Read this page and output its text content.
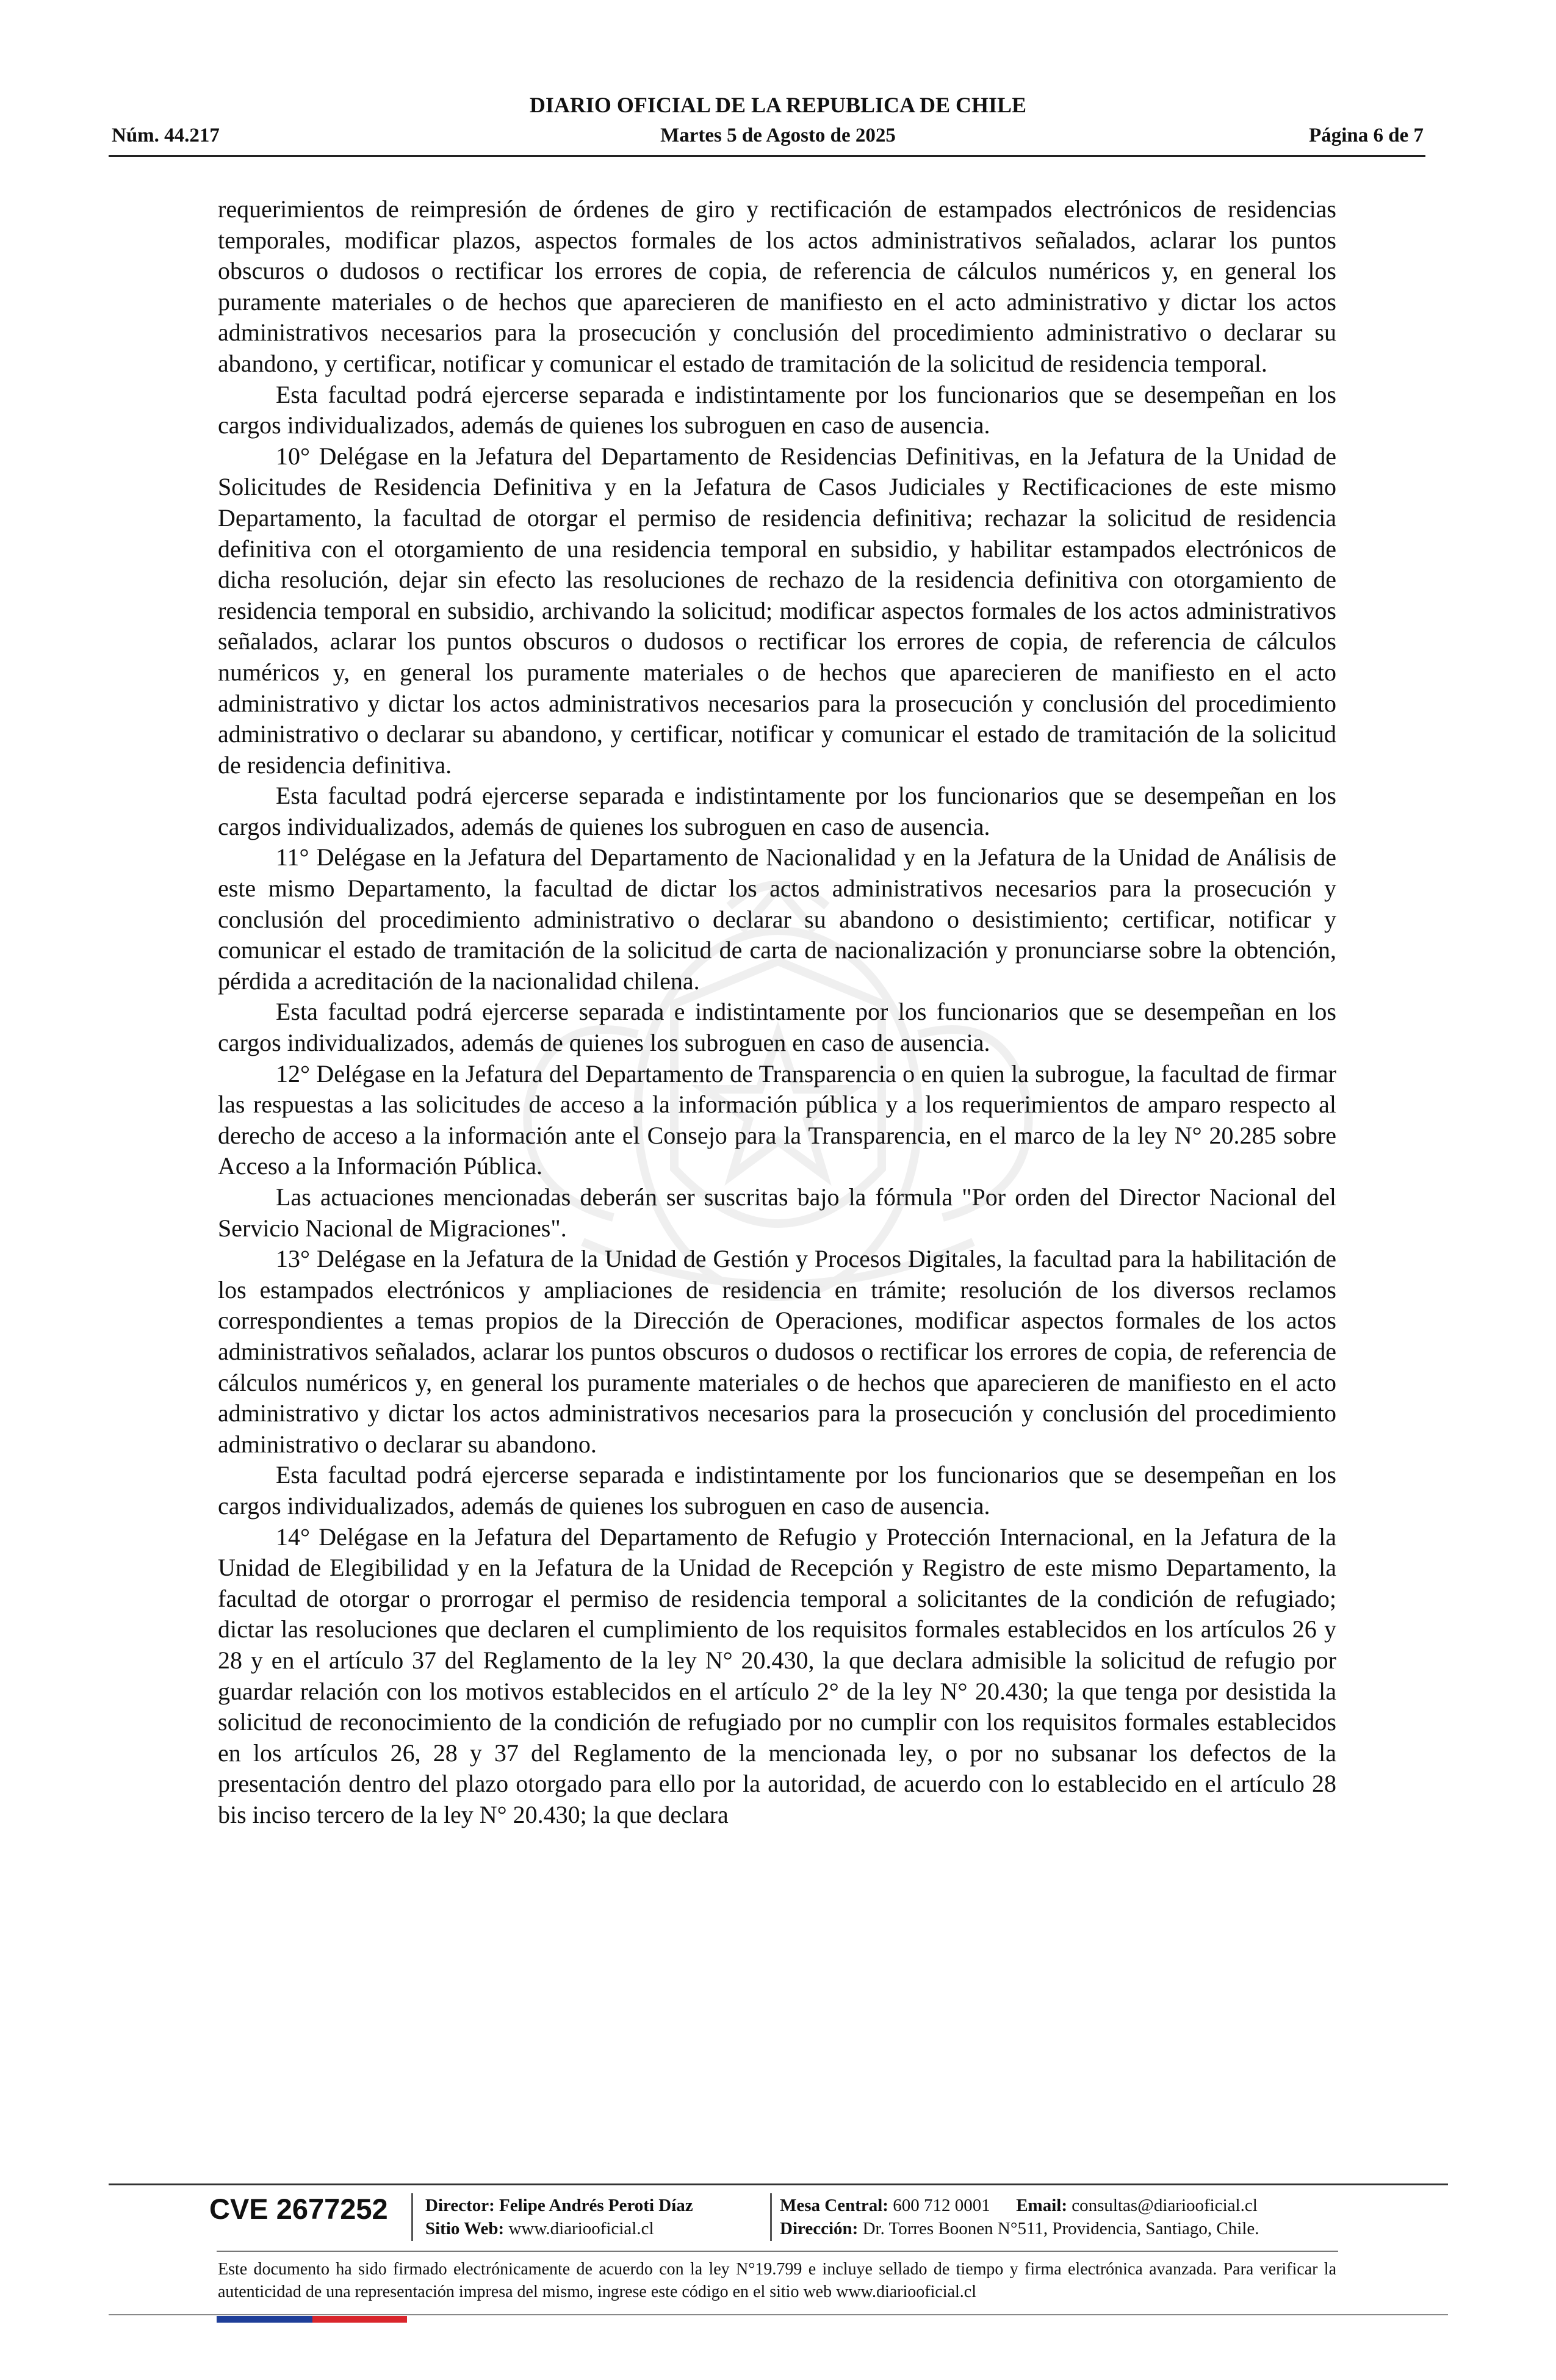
DIARIO OFICIAL DE LA REPUBLICA DE CHILE
Núm. 44.217	Martes 5 de Agosto de 2025	Página 6 de 7

requerimientos de reimpresión de órdenes de giro y rectificación de estampados electrónicos de residencias temporales, modificar plazos, aspectos formales de los actos administrativos señalados, aclarar los puntos obscuros o dudosos o rectificar los errores de copia, de referencia de cálculos numéricos y, en general los puramente materiales o de hechos que aparecieren de manifiesto en el acto administrativo y dictar los actos administrativos necesarios para la prosecución y conclusión del procedimiento administrativo o declarar su abandono, y certificar, notificar y comunicar el estado de tramitación de la solicitud de residencia temporal.

Esta facultad podrá ejercerse separada e indistintamente por los funcionarios que se desempeñan en los cargos individualizados, además de quienes los subroguen en caso de ausencia.

10° Delégase en la Jefatura del Departamento de Residencias Definitivas, en la Jefatura de la Unidad de Solicitudes de Residencia Definitiva y en la Jefatura de Casos Judiciales y Rectificaciones de este mismo Departamento, la facultad de otorgar el permiso de residencia definitiva; rechazar la solicitud de residencia definitiva con el otorgamiento de una residencia temporal en subsidio, y habilitar estampados electrónicos de dicha resolución, dejar sin efecto las resoluciones de rechazo de la residencia definitiva con otorgamiento de residencia temporal en subsidio, archivando la solicitud; modificar aspectos formales de los actos administrativos señalados, aclarar los puntos obscuros o dudosos o rectificar los errores de copia, de referencia de cálculos numéricos y, en general los puramente materiales o de hechos que aparecieren de manifiesto en el acto administrativo y dictar los actos administrativos necesarios para la prosecución y conclusión del procedimiento administrativo o declarar su abandono, y certificar, notificar y comunicar el estado de tramitación de la solicitud de residencia definitiva.

Esta facultad podrá ejercerse separada e indistintamente por los funcionarios que se desempeñan en los cargos individualizados, además de quienes los subroguen en caso de ausencia.

11° Delégase en la Jefatura del Departamento de Nacionalidad y en la Jefatura de la Unidad de Análisis de este mismo Departamento, la facultad de dictar los actos administrativos necesarios para la prosecución y conclusión del procedimiento administrativo o declarar su abandono o desistimiento; certificar, notificar y comunicar el estado de tramitación de la solicitud de carta de nacionalización y pronunciarse sobre la obtención, pérdida a acreditación de la nacionalidad chilena.

Esta facultad podrá ejercerse separada e indistintamente por los funcionarios que se desempeñan en los cargos individualizados, además de quienes los subroguen en caso de ausencia.

12° Delégase en la Jefatura del Departamento de Transparencia o en quien la subrogue, la facultad de firmar las respuestas a las solicitudes de acceso a la información pública y a los requerimientos de amparo respecto al derecho de acceso a la información ante el Consejo para la Transparencia, en el marco de la ley N° 20.285 sobre Acceso a la Información Pública.

Las actuaciones mencionadas deberán ser suscritas bajo la fórmula "Por orden del Director Nacional del Servicio Nacional de Migraciones".

13° Delégase en la Jefatura de la Unidad de Gestión y Procesos Digitales, la facultad para la habilitación de los estampados electrónicos y ampliaciones de residencia en trámite; resolución de los diversos reclamos correspondientes a temas propios de la Dirección de Operaciones, modificar aspectos formales de los actos administrativos señalados, aclarar los puntos obscuros o dudosos o rectificar los errores de copia, de referencia de cálculos numéricos y, en general los puramente materiales o de hechos que aparecieren de manifiesto en el acto administrativo y dictar los actos administrativos necesarios para la prosecución y conclusión del procedimiento administrativo o declarar su abandono.

Esta facultad podrá ejercerse separada e indistintamente por los funcionarios que se desempeñan en los cargos individualizados, además de quienes los subroguen en caso de ausencia.

14° Delégase en la Jefatura del Departamento de Refugio y Protección Internacional, en la Jefatura de la Unidad de Elegibilidad y en la Jefatura de la Unidad de Recepción y Registro de este mismo Departamento, la facultad de otorgar o prorrogar el permiso de residencia temporal a solicitantes de la condición de refugiado; dictar las resoluciones que declaren el cumplimiento de los requisitos formales establecidos en los artículos 26 y 28 y en el artículo 37 del Reglamento de la ley N° 20.430, la que declara admisible la solicitud de refugio por guardar relación con los motivos establecidos en el artículo 2° de la ley N° 20.430; la que tenga por desistida la solicitud de reconocimiento de la condición de refugiado por no cumplir con los requisitos formales establecidos en los artículos 26, 28 y 37 del Reglamento de la mencionada ley, o por no subsanar los defectos de la presentación dentro del plazo otorgado para ello por la autoridad, de acuerdo con lo establecido en el artículo 28 bis inciso tercero de la ley N° 20.430; la que declara

CVE 2677252 Director: Felipe Andrés Peroti Díaz
Sitio Web: www.diariooficial.cl
Mesa Central: 600 712 0001 Email: consultas@diariooficial.cl
Dirección: Dr. Torres Boonen N°511, Providencia, Santiago, Chile.
Este documento ha sido firmado electrónicamente de acuerdo con la ley N°19.799 e incluye sellado de tiempo y firma electrónica avanzada. Para verificar la autenticidad de una representación impresa del mismo, ingrese este código en el sitio web www.diariooficial.cl
